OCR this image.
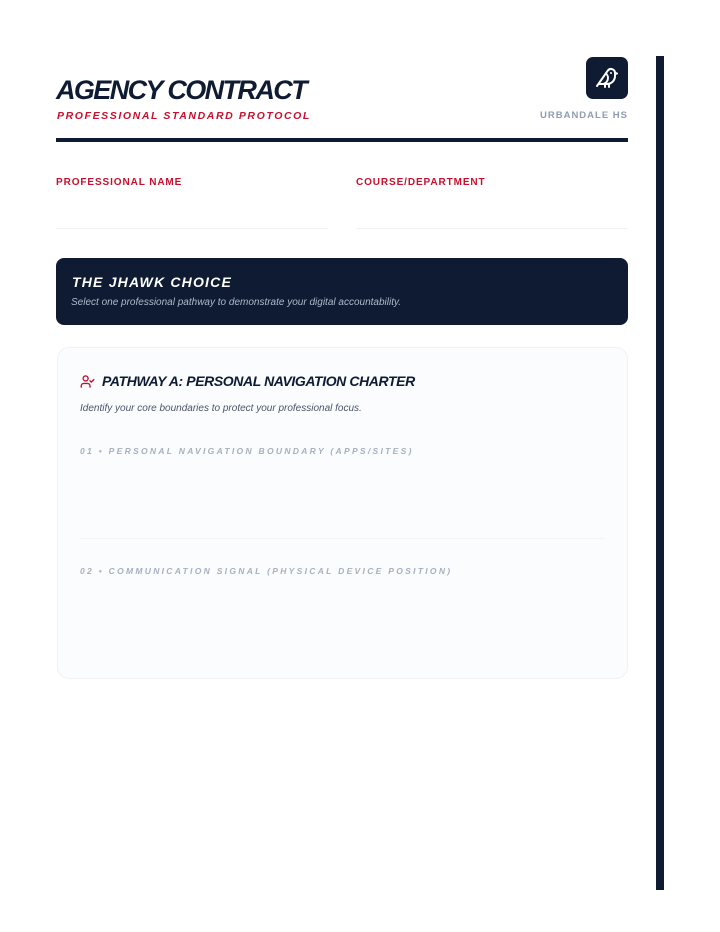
AGENCY CONTRACT
PROFESSIONAL STANDARD PROTOCOL	URBANDALE HS
PROFESSIONAL NAME	COURSE/DEPARTMENT
THE JHAWK CHOICE
Select one professional pathway to demonstrate your digital accountability.
PATHWAY A: PERSONAL NAVIGATION CHARTER
Identify your core boundaries to protect your professional focus.
01 • PERSONAL NAVIGATION BOUNDARY (APPS/SITES)
02 • COMMUNICATION SIGNAL (PHYSICAL DEVICE POSITION)
